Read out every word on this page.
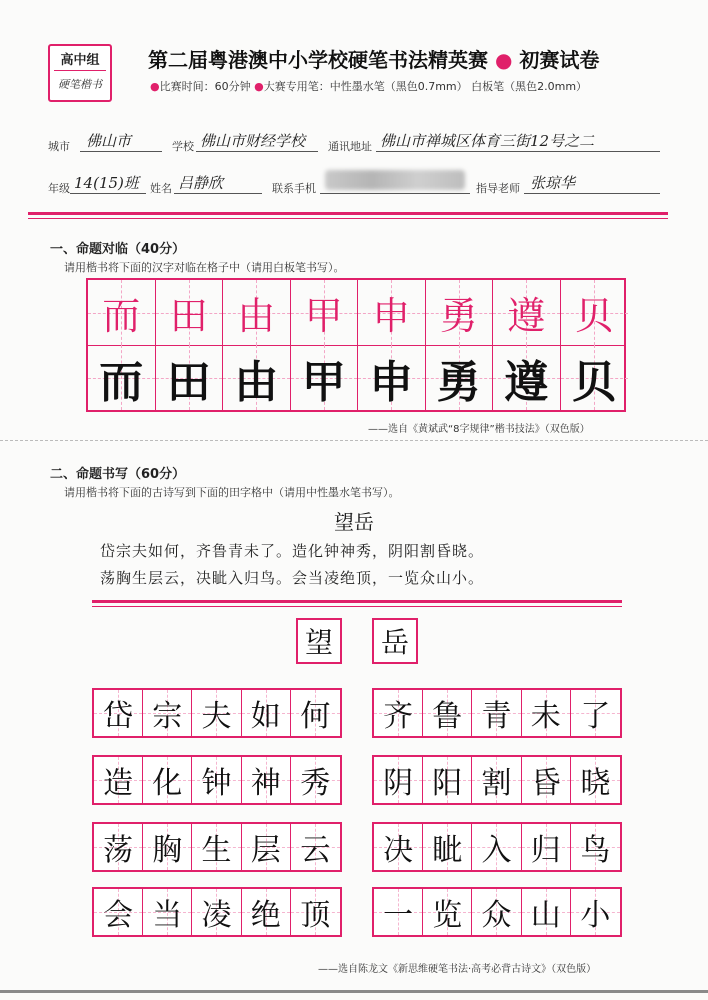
高中组
硬笔楷书
第二届粤港澳中小学校硬笔书法精英赛 ● 初赛试卷
●比赛时间：60分钟 ●大赛专用笔：中性墨水笔（黑色0.7mm） 白板笔（黑色2.0mm）
城市 佛山市	学校 佛山市财经学校 通讯地址 佛山市禅城区体育三街12号之二
年级 14(15)班 姓名 吕静欣	联系手机	指导老师 张琼华
一、命题对临（40分）
请用楷书将下面的汉字对临在格子中（请用白板笔书写）。
而 田 由 甲 申 勇 遵 贝
而 田 由 甲 申 勇 遵 贝
——选自《黄斌武“8字规律”楷书技法》（双色版）
二、命题书写（60分）
请用楷书将下面的古诗写到下面的田字格中（请用中性墨水笔书写）。
望岳
岱宗夫如何，齐鲁青未了。造化钟神秀，阴阳割昏晓。
荡胸生层云，决眦入归鸟。会当凌绝顶，一览众山小。
望 岳
岱 宗 夫 如 何
造 化 钟 神 秀
荡 胸 生 层 云
会 当 凌 绝 顶
齐 鲁 青 未 了
阴 阳 割 昏 晓
决 眦 入 归 鸟
一 览 众 山 小
——选自陈龙文《新思维硬笔书法·高考必背古诗文》（双色版）
